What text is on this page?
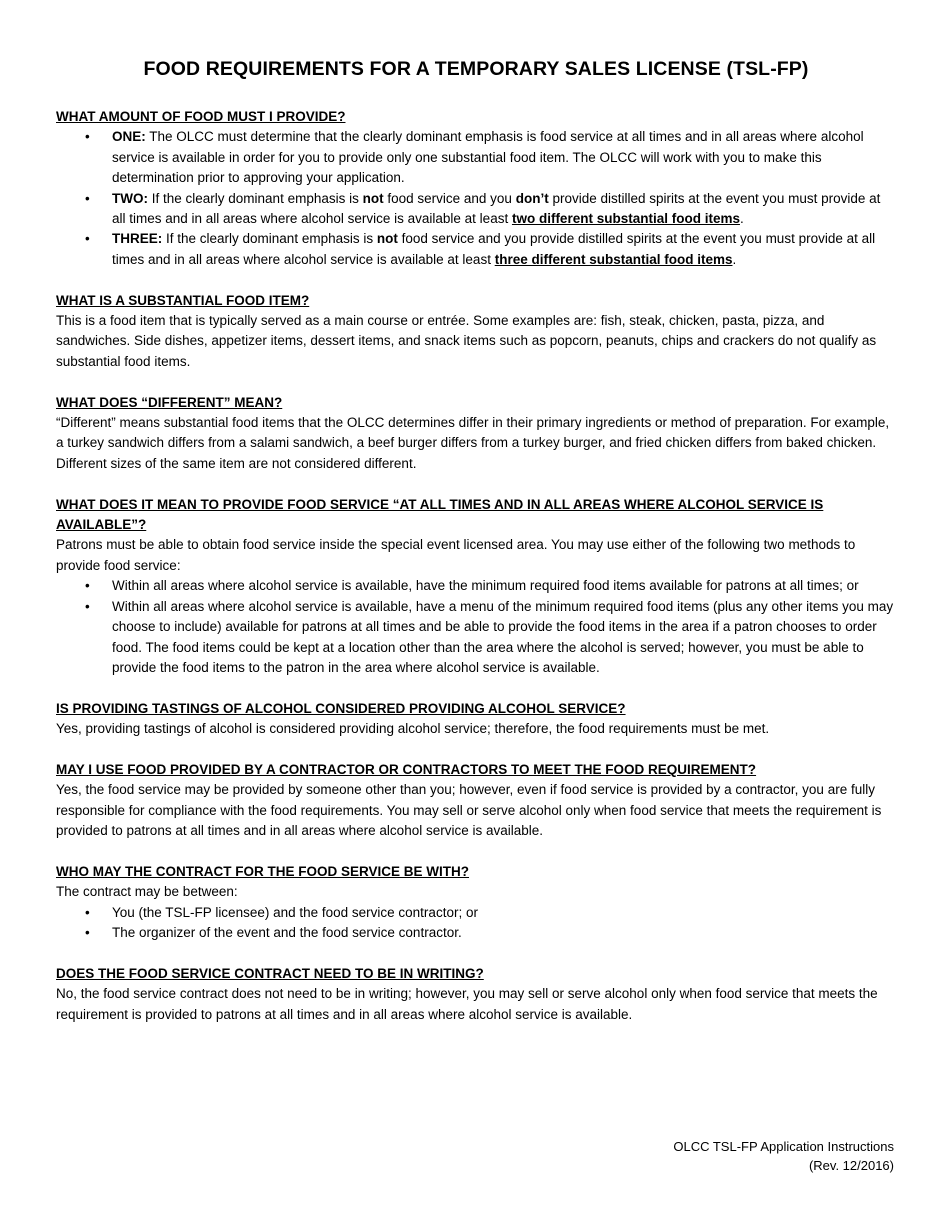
FOOD REQUIREMENTS FOR A TEMPORARY SALES LICENSE (TSL-FP)
WHAT AMOUNT OF FOOD MUST I PROVIDE?
• ONE: The OLCC must determine that the clearly dominant emphasis is food service at all times and in all areas where alcohol service is available in order for you to provide only one substantial food item. The OLCC will work with you to make this determination prior to approving your application.
• TWO: If the clearly dominant emphasis is not food service and you don’t provide distilled spirits at the event you must provide at all times and in all areas where alcohol service is available at least two different substantial food items.
• THREE: If the clearly dominant emphasis is not food service and you provide distilled spirits at the event you must provide at all times and in all areas where alcohol service is available at least three different substantial food items.
WHAT IS A SUBSTANTIAL FOOD ITEM?

This is a food item that is typically served as a main course or entrée. Some examples are: fish, steak, chicken, pasta, pizza, and sandwiches. Side dishes, appetizer items, dessert items, and snack items such as popcorn, peanuts, chips and crackers do not qualify as substantial food items.

WHAT DOES “DIFFERENT” MEAN?

“Different” means substantial food items that the OLCC determines differ in their primary ingredients or method of preparation. For example, a turkey sandwich differs from a salami sandwich, a beef burger differs from a turkey burger, and fried chicken differs from baked chicken. Different sizes of the same item are not considered different.

WHAT DOES IT MEAN TO PROVIDE FOOD SERVICE “AT ALL TIMES AND IN ALL AREAS WHERE ALCOHOL SERVICE IS AVAILABLE”?

Patrons must be able to obtain food service inside the special event licensed area. You may use either of the following two methods to provide food service:

• Within all areas where alcohol service is available, have the minimum required food items available for patrons at all times; or
• Within all areas where alcohol service is available, have a menu of the minimum required food items (plus any other items you may choose to include) available for patrons at all times and be able to provide the food items in the area if a patron chooses to order food. The food items could be kept at a location other than the area where the alcohol is served; however, you must be able to provide the food items to the patron in the area where alcohol service is available.
IS PROVIDING TASTINGS OF ALCOHOL CONSIDERED PROVIDING ALCOHOL SERVICE?

Yes, providing tastings of alcohol is considered providing alcohol service; therefore, the food requirements must be met.

MAY I USE FOOD PROVIDED BY A CONTRACTOR OR CONTRACTORS TO MEET THE FOOD REQUIREMENT?

Yes, the food service may be provided by someone other than you; however, even if food service is provided by a contractor, you are fully responsible for compliance with the food requirements. You may sell or serve alcohol only when food service that meets the requirement is provided to patrons at all times and in all areas where alcohol service is available.

WHO MAY THE CONTRACT FOR THE FOOD SERVICE BE WITH?

The contract may be between:

• You (the TSL-FP licensee) and the food service contractor; or
• The organizer of the event and the food service contractor.
DOES THE FOOD SERVICE CONTRACT NEED TO BE IN WRITING?

No, the food service contract does not need to be in writing; however, you may sell or serve alcohol only when food service that meets the requirement is provided to patrons at all times and in all areas where alcohol service is available.

OLCC TSL-FP Application Instructions
(Rev. 12/2016)
